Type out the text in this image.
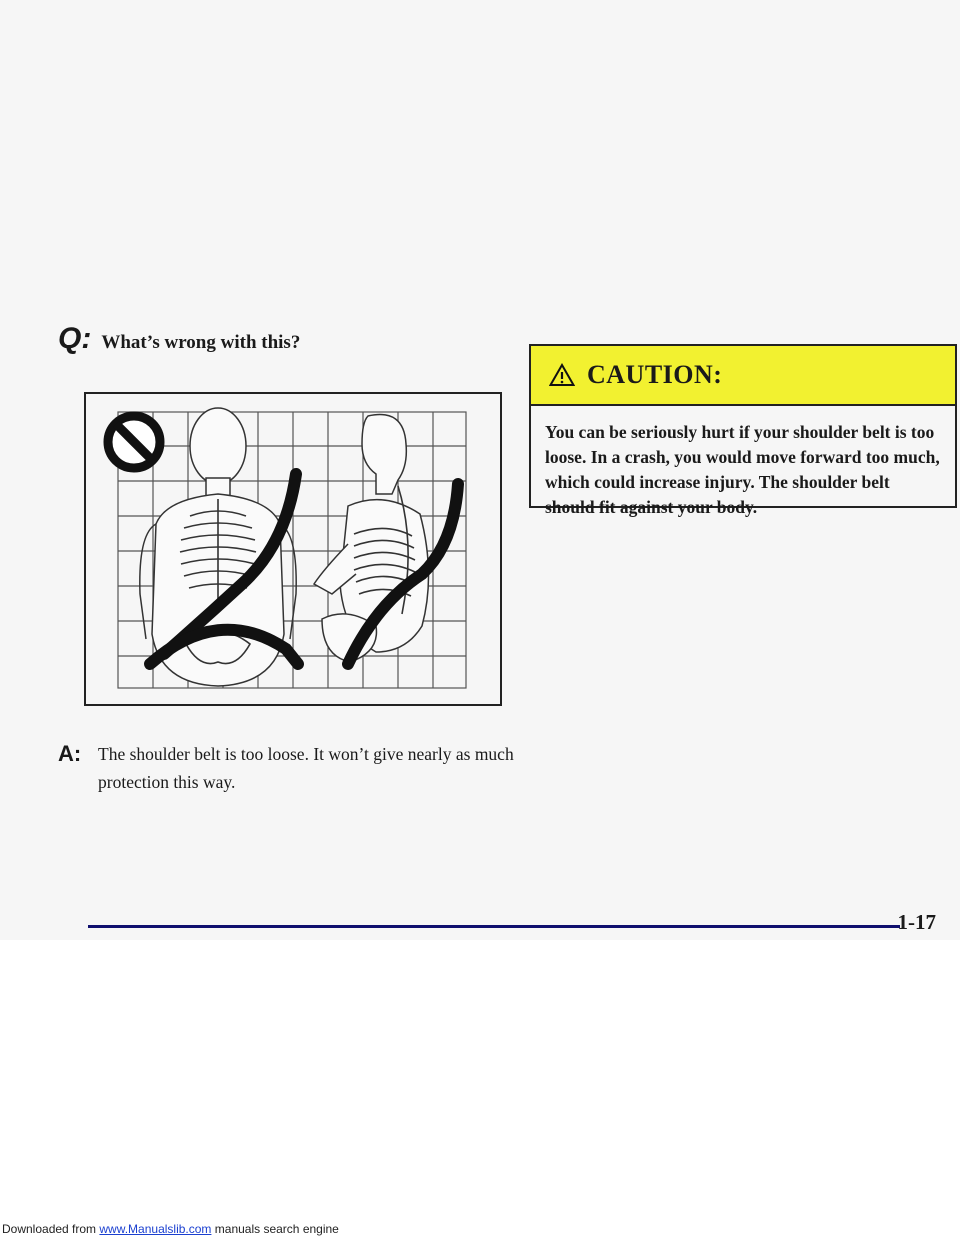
Q: What’s wrong with this?
A: The shoulder belt is too loose. It won’t give nearly as much protection this way.
CAUTION:
You can be seriously hurt if your shoulder belt is too loose. In a crash, you would move forward too much, which could increase injury. The shoulder belt should fit against your body.
1-17
Downloaded from www.Manualslib.com manuals search engine
